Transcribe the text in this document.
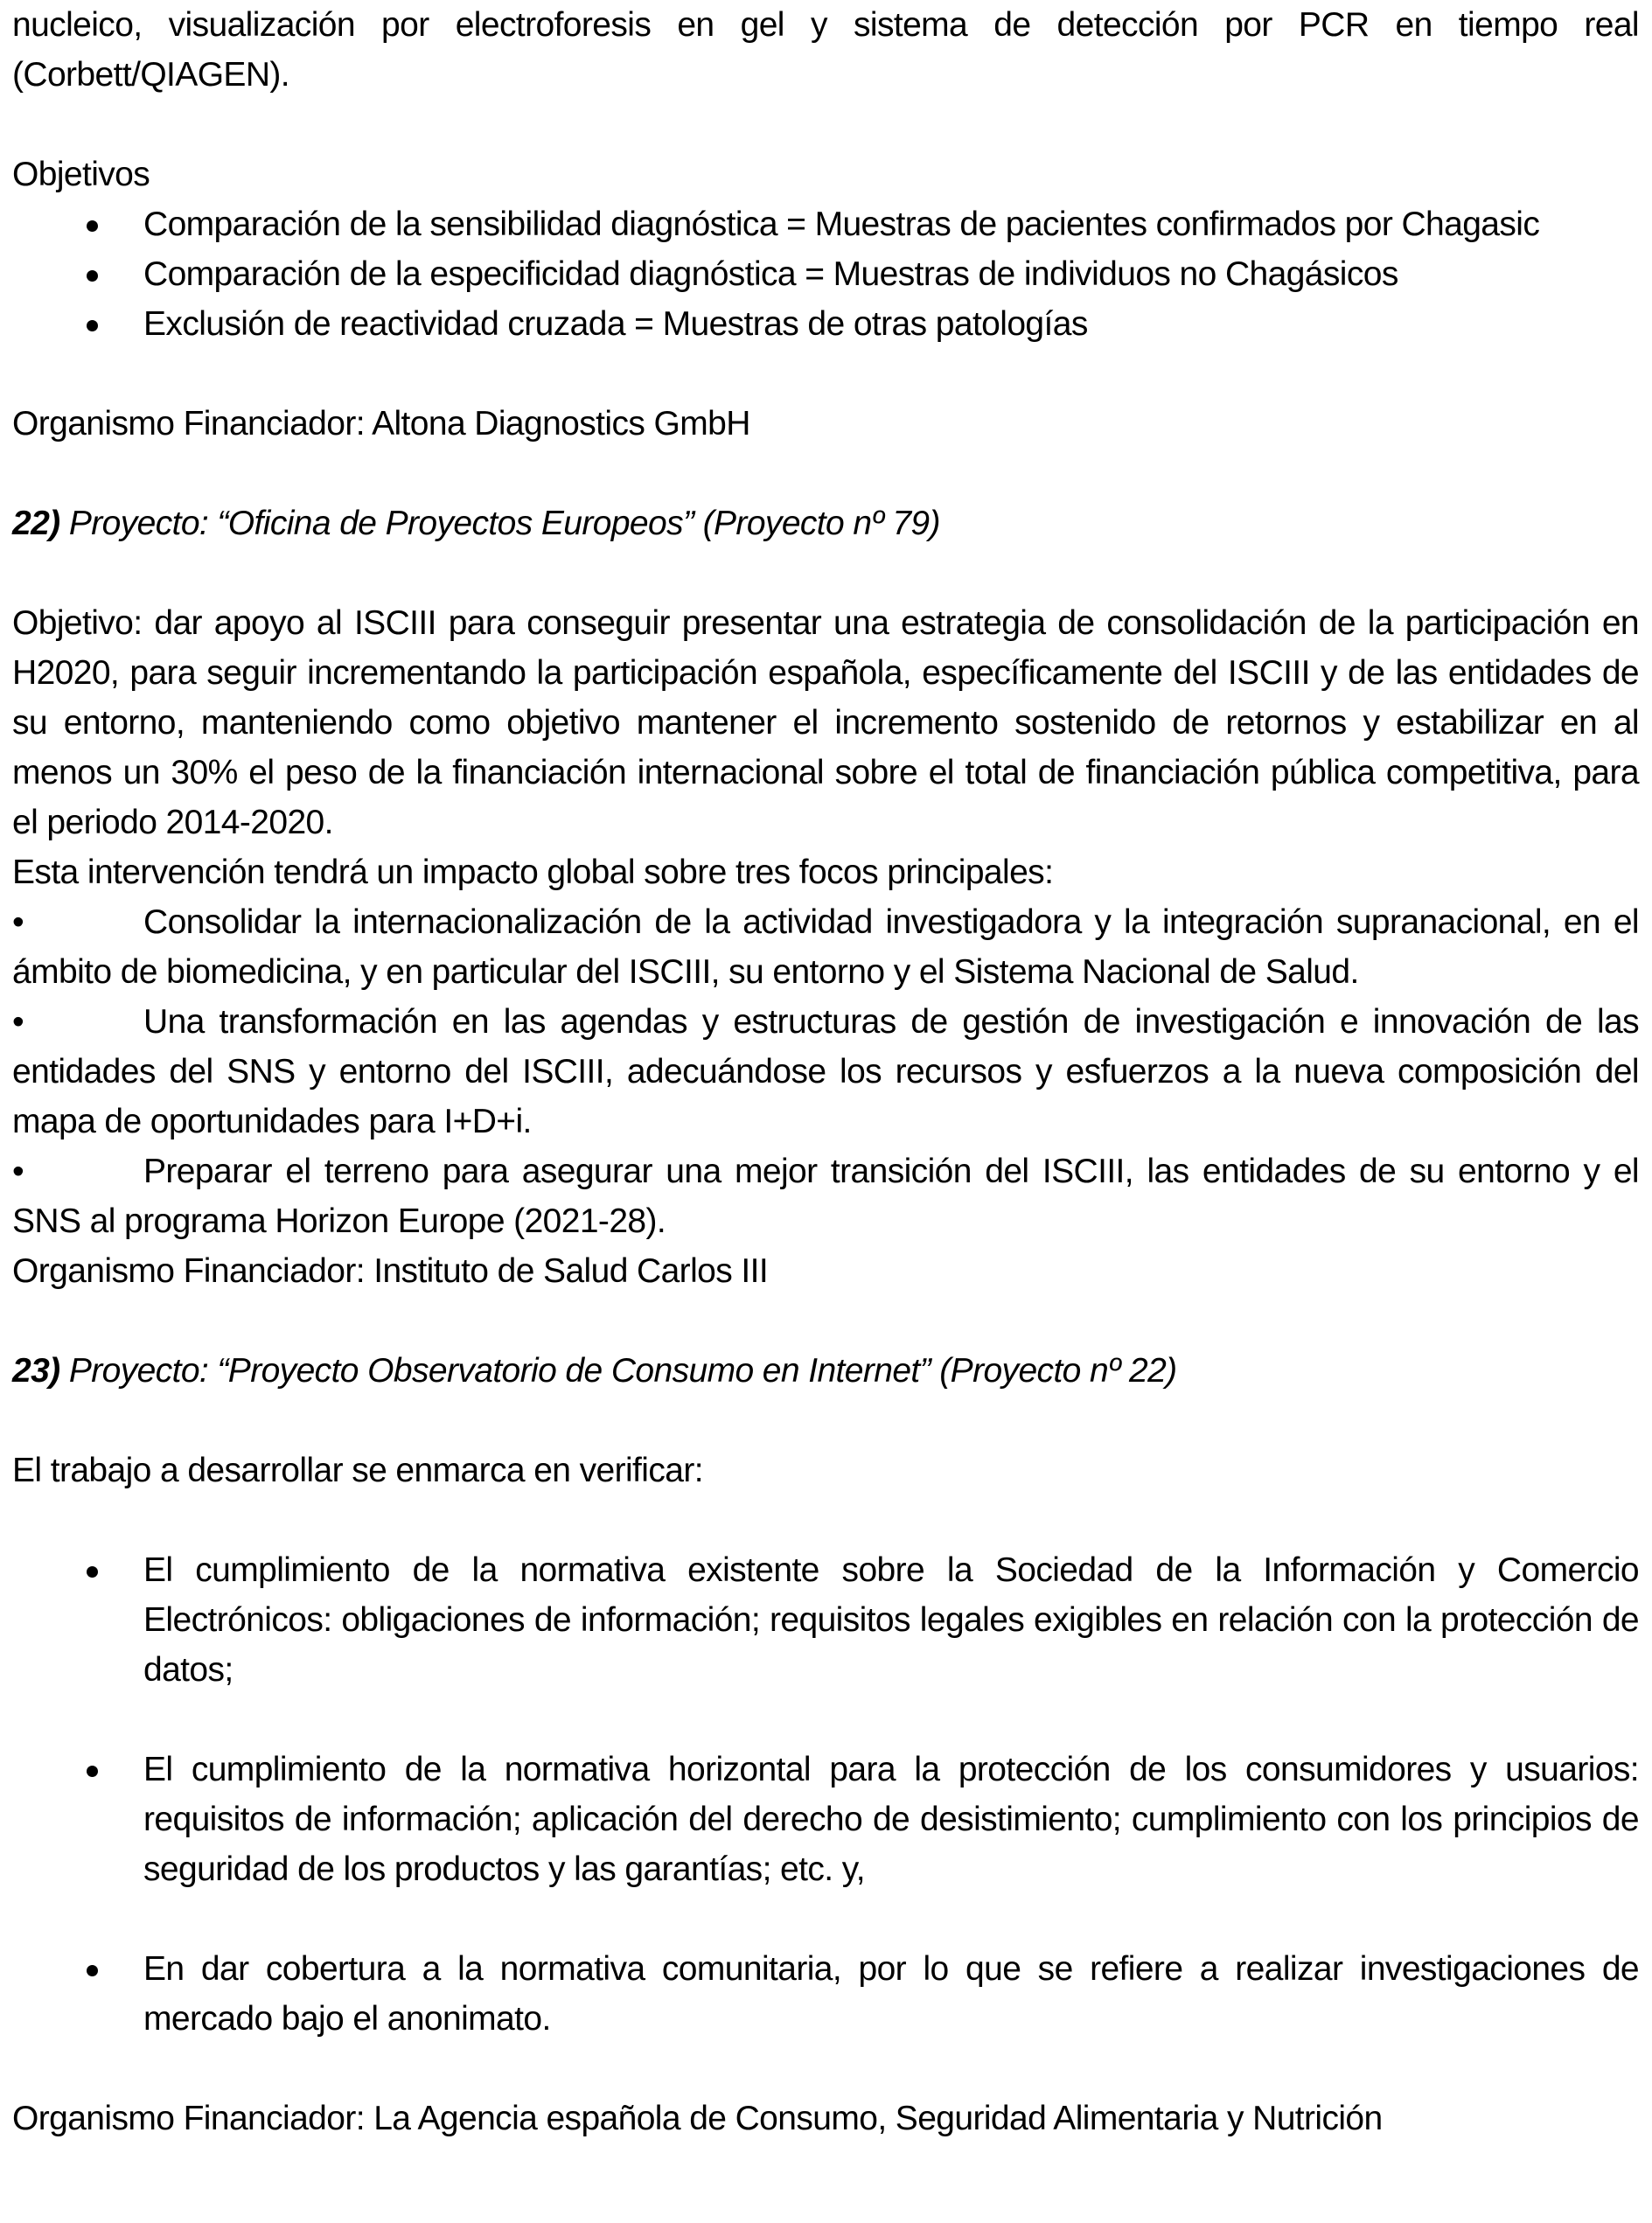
nucleico, visualización por electroforesis en gel y sistema de detección por PCR en tiempo real

(Corbett/QIAGEN).

Objetivos

Comparación de la sensibilidad diagnóstica = Muestras de pacientes confirmados por Chagasic
Comparación de la especificidad diagnóstica = Muestras de individuos no Chagásicos
Exclusión de reactividad cruzada = Muestras de otras patologías

Organismo Financiador: Altona Diagnostics GmbH

22) Proyecto: “Oficina de Proyectos Europeos” (Proyecto nº 79)

Objetivo: dar apoyo al ISCIII para conseguir presentar una estrategia de consolidación de la participación en H2020, para seguir incrementando la participación española, específicamente del ISCIII y de las entidades de su entorno, manteniendo como objetivo mantener el incremento sostenido de retornos y estabilizar en al menos un 30% el peso de la financiación internacional sobre el total de financiación pública competitiva, para el periodo 2014-2020.

Esta intervención tendrá un impacto global sobre tres focos principales:

•	Consolidar la internacionalización de la actividad investigadora y la integración supranacional, en el ámbito de biomedicina, y en particular del ISCIII, su entorno y el Sistema Nacional de Salud.

•	Una transformación en las agendas y estructuras de gestión de investigación e innovación de las entidades del SNS y entorno del ISCIII, adecuándose los recursos y esfuerzos a la nueva composición del mapa de oportunidades para I+D+i.

•	Preparar el terreno para asegurar una mejor transición del ISCIII, las entidades de su entorno y el SNS al programa Horizon Europe (2021-28).

Organismo Financiador: Instituto de Salud Carlos III

23) Proyecto: “Proyecto Observatorio de Consumo en Internet” (Proyecto nº 22)

El trabajo a desarrollar se enmarca en verificar:

El cumplimiento de la normativa existente sobre la Sociedad de la Información y Comercio Electrónicos: obligaciones de información; requisitos legales exigibles en relación con la protección de datos;
El cumplimiento de la normativa horizontal para la protección de los consumidores y usuarios: requisitos de información; aplicación del derecho de desistimiento; cumplimiento con los principios de seguridad de los productos y las garantías; etc. y,
En dar cobertura a la normativa comunitaria, por lo que se refiere a realizar investigaciones de mercado bajo el anonimato.

Organismo Financiador: La Agencia española de Consumo, Seguridad Alimentaria y Nutrición
